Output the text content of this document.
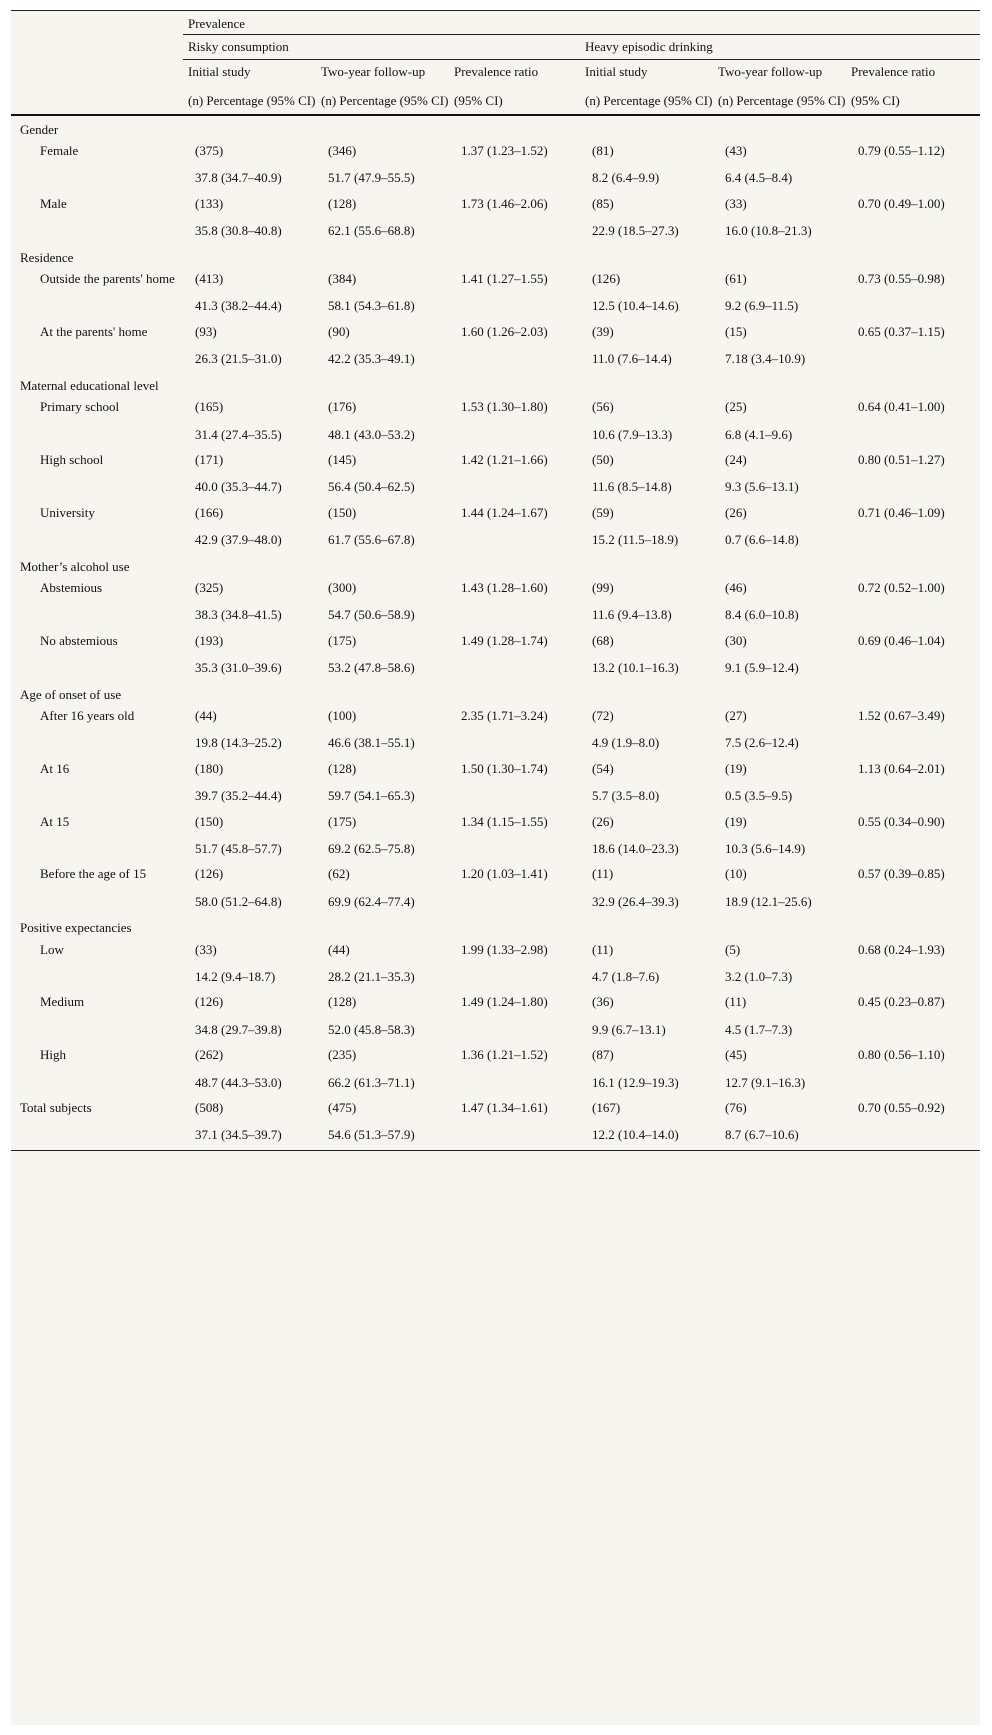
	Prevalence					
	Risky consumption			Heavy episodic drinking		
	Initial study	Two-year follow-up	Prevalence ratio	Initial study	Two-year follow-up	Prevalence ratio
	(n) Percentage (95% CI)	(n) Percentage (95% CI)	(95% CI)	(n) Percentage (95% CI)	(n) Percentage (95% CI)	(95% CI)
Gender						
Female	(375)	(346)	1.37 (1.23–1.52)	(81)	(43)	0.79 (0.55–1.12)
	37.8 (34.7–40.9)	51.7 (47.9–55.5)		8.2 (6.4–9.9)	6.4 (4.5–8.4)	
Male	(133)	(128)	1.73 (1.46–2.06)	(85)	(33)	0.70 (0.49–1.00)
	35.8 (30.8–40.8)	62.1 (55.6–68.8)		22.9 (18.5–27.3)	16.0 (10.8–21.3)	
Residence						
Outside the parents' home	(413)	(384)	1.41 (1.27–1.55)	(126)	(61)	0.73 (0.55–0.98)
	41.3 (38.2–44.4)	58.1 (54.3–61.8)		12.5 (10.4–14.6)	9.2 (6.9–11.5)	
At the parents' home	(93)	(90)	1.60 (1.26–2.03)	(39)	(15)	0.65 (0.37–1.15)
	26.3 (21.5–31.0)	42.2 (35.3–49.1)		11.0 (7.6–14.4)	7.18 (3.4–10.9)	
Maternal educational level						
Primary school	(165)	(176)	1.53 (1.30–1.80)	(56)	(25)	0.64 (0.41–1.00)
	31.4 (27.4–35.5)	48.1 (43.0–53.2)		10.6 (7.9–13.3)	6.8 (4.1–9.6)	
High school	(171)	(145)	1.42 (1.21–1.66)	(50)	(24)	0.80 (0.51–1.27)
	40.0 (35.3–44.7)	56.4 (50.4–62.5)		11.6 (8.5–14.8)	9.3 (5.6–13.1)	
University	(166)	(150)	1.44 (1.24–1.67)	(59)	(26)	0.71 (0.46–1.09)
	42.9 (37.9–48.0)	61.7 (55.6–67.8)		15.2 (11.5–18.9)	0.7 (6.6–14.8)	
Mother’s alcohol use						
Abstemious	(325)	(300)	1.43 (1.28–1.60)	(99)	(46)	0.72 (0.52–1.00)
	38.3 (34.8–41.5)	54.7 (50.6–58.9)		11.6 (9.4–13.8)	8.4 (6.0–10.8)	
No abstemious	(193)	(175)	1.49 (1.28–1.74)	(68)	(30)	0.69 (0.46–1.04)
	35.3 (31.0–39.6)	53.2 (47.8–58.6)		13.2 (10.1–16.3)	9.1 (5.9–12.4)	
Age of onset of use						
After 16 years old	(44)	(100)	2.35 (1.71–3.24)	(72)	(27)	1.52 (0.67–3.49)
	19.8 (14.3–25.2)	46.6 (38.1–55.1)		4.9 (1.9–8.0)	7.5 (2.6–12.4)	
At 16	(180)	(128)	1.50 (1.30–1.74)	(54)	(19)	1.13 (0.64–2.01)
	39.7 (35.2–44.4)	59.7 (54.1–65.3)		5.7 (3.5–8.0)	0.5 (3.5–9.5)	
At 15	(150)	(175)	1.34 (1.15–1.55)	(26)	(19)	0.55 (0.34–0.90)
	51.7 (45.8–57.7)	69.2 (62.5–75.8)		18.6 (14.0–23.3)	10.3 (5.6–14.9)	
Before the age of 15	(126)	(62)	1.20 (1.03–1.41)	(11)	(10)	0.57 (0.39–0.85)
	58.0 (51.2–64.8)	69.9 (62.4–77.4)		32.9 (26.4–39.3)	18.9 (12.1–25.6)	
Positive expectancies						
Low	(33)	(44)	1.99 (1.33–2.98)	(11)	(5)	0.68 (0.24–1.93)
	14.2 (9.4–18.7)	28.2 (21.1–35.3)		4.7 (1.8–7.6)	3.2 (1.0–7.3)	
Medium	(126)	(128)	1.49 (1.24–1.80)	(36)	(11)	0.45 (0.23–0.87)
	34.8 (29.7–39.8)	52.0 (45.8–58.3)		9.9 (6.7–13.1)	4.5 (1.7–7.3)	
High	(262)	(235)	1.36 (1.21–1.52)	(87)	(45)	0.80 (0.56–1.10)
	48.7 (44.3–53.0)	66.2 (61.3–71.1)		16.1 (12.9–19.3)	12.7 (9.1–16.3)	
Total subjects	(508)	(475)	1.47 (1.34–1.61)	(167)	(76)	0.70 (0.55–0.92)
	37.1 (34.5–39.7)	54.6 (51.3–57.9)		12.2 (10.4–14.0)	8.7 (6.7–10.6)	
